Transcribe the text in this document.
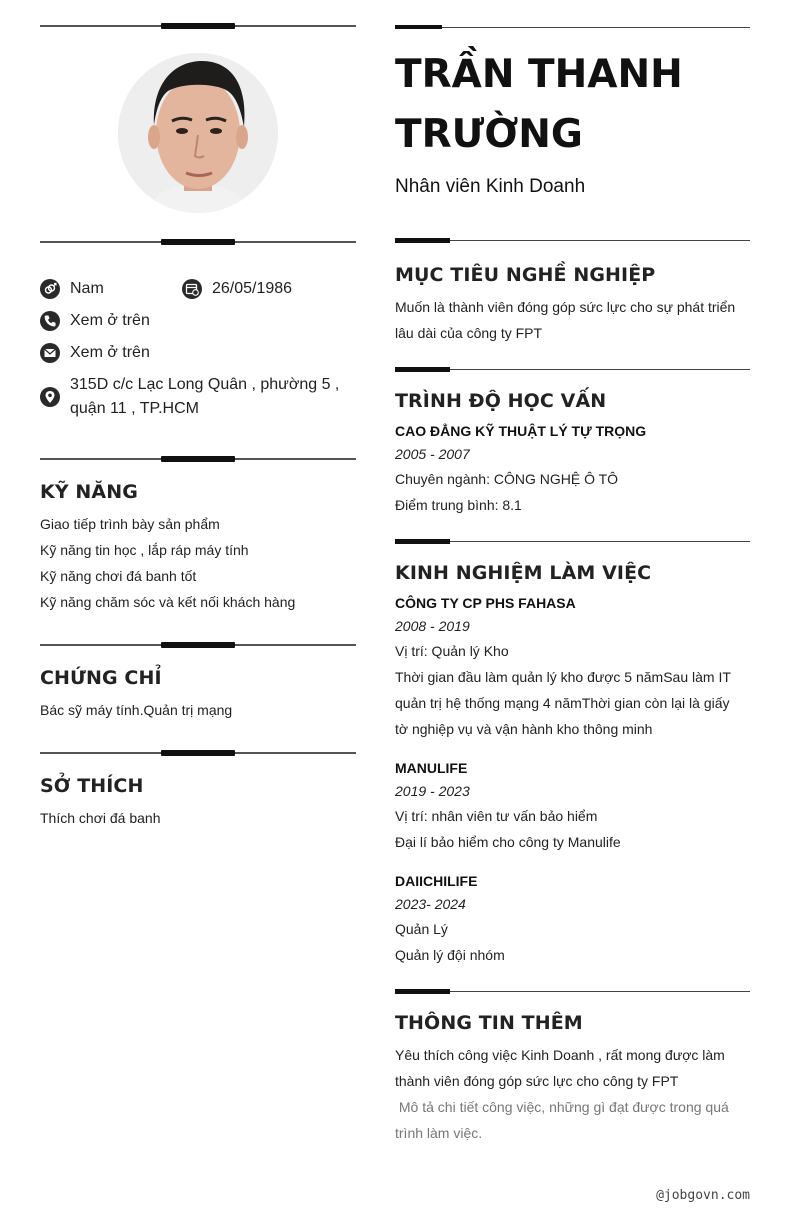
Nam	26/05/1986
Xem ở trên
Xem ở trên
315D c/c Lạc Long Quân , phường 5 ,
quận 11 , TP.HCM
KỸ NĂNG
Giao tiếp trình bày sản phẩm
Kỹ năng tin học , lắp ráp máy tính
Kỹ năng chơi đá banh tốt
Kỹ năng chăm sóc và kết nối khách hàng
CHỨNG CHỈ
Bác sỹ máy tính.Quản trị mạng
SỞ THÍCH
Thích chơi đá banh
TRẦN THANH
TRƯỜNG
Nhân viên Kinh Doanh
MỤC TIÊU NGHỀ NGHIỆP
Muốn là thành viên đóng góp sức lực cho sự phát triển
lâu dài của công ty FPT
TRÌNH ĐỘ HỌC VẤN
CAO ĐẲNG KỸ THUẬT LÝ TỰ TRỌNG
2005 - 2007
Chuyên ngành: CÔNG NGHỆ Ô TÔ
Điểm trung bình: 8.1
KINH NGHIỆM LÀM VIỆC
CÔNG TY CP PHS FAHASA
2008 - 2019
Vị trí: Quản lý Kho
Thời gian đầu làm quản lý kho được 5 nămSau làm IT
quản trị hệ thống mạng 4 nămThời gian còn lại là giấy
tờ nghiệp vụ và vận hành kho thông minh
MANULIFE
2019 - 2023
Vị trí: nhân viên tư vấn bảo hiểm
Đại lí bảo hiểm cho công ty Manulife
DAIICHILIFE
2023- 2024
Quản Lý
Quản lý đội nhóm
THÔNG TIN THÊM
Yêu thích công việc Kinh Doanh , rất mong được làm
thành viên đóng góp sức lực cho công ty FPT
Mô tả chi tiết công việc, những gì đạt được trong quá
trình làm việc.
@jobgovn.com
